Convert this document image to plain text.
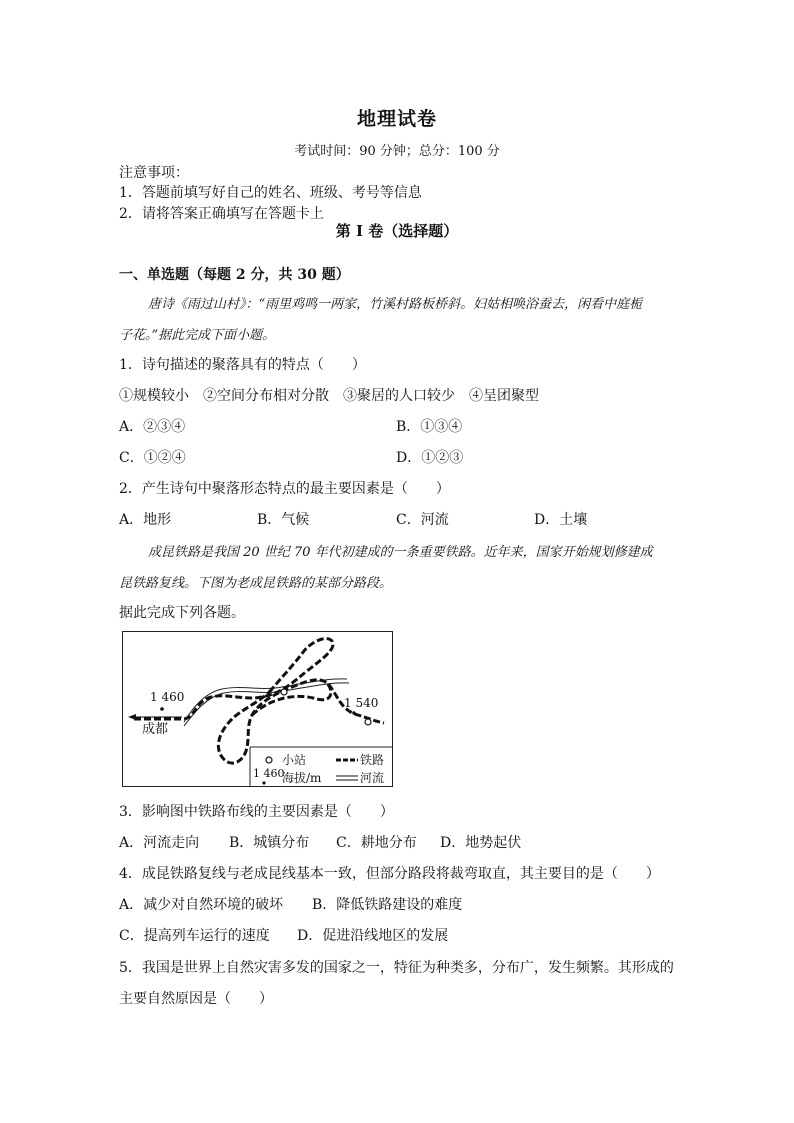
地理试卷
考试时间：90 分钟；总分：100 分
注意事项：
1．答题前填写好自己的姓名、班级、考号等信息
2．请将答案正确填写在答题卡上
第 I 卷（选择题）
一、单选题（每题 2 分，共 30 题）
唐诗《雨过山村》：“雨里鸡鸣一两家，竹溪村路板桥斜。妇姑相唤浴蚕去，闲看中庭栀
子花。”据此完成下面小题。
1．诗句描述的聚落具有的特点（　　）
①规模较小　②空间分布相对分散　③聚居的人口较少　④呈团聚型
A．②③④	B．①③④
C．①②④	D．①②③
2．产生诗句中聚落形态特点的最主要因素是（　　）
A．地形	B．气候	C．河流	D．土壤
成昆铁路是我国 20 世纪 70 年代初建成的一条重要铁路。近年来，国家开始规划修建成
昆铁路复线。下图为老成昆铁路的某部分路段。
据此完成下列各题。
1 460	1 540
成都
小站	铁路
1 460
海拔/m	河流
3．影响图中铁路布线的主要因素是（　　）
A．河流走向 B．城镇分布 C．耕地分布 D．地势起伏
4．成昆铁路复线与老成昆线基本一致，但部分路段将裁弯取直，其主要目的是（　　）
A．减少对自然环境的破坏 B．降低铁路建设的难度
C．提高列车运行的速度 D．促进沿线地区的发展
5．我国是世界上自然灾害多发的国家之一，特征为种类多，分布广，发生频繁。其形成的
主要自然原因是（　　）
